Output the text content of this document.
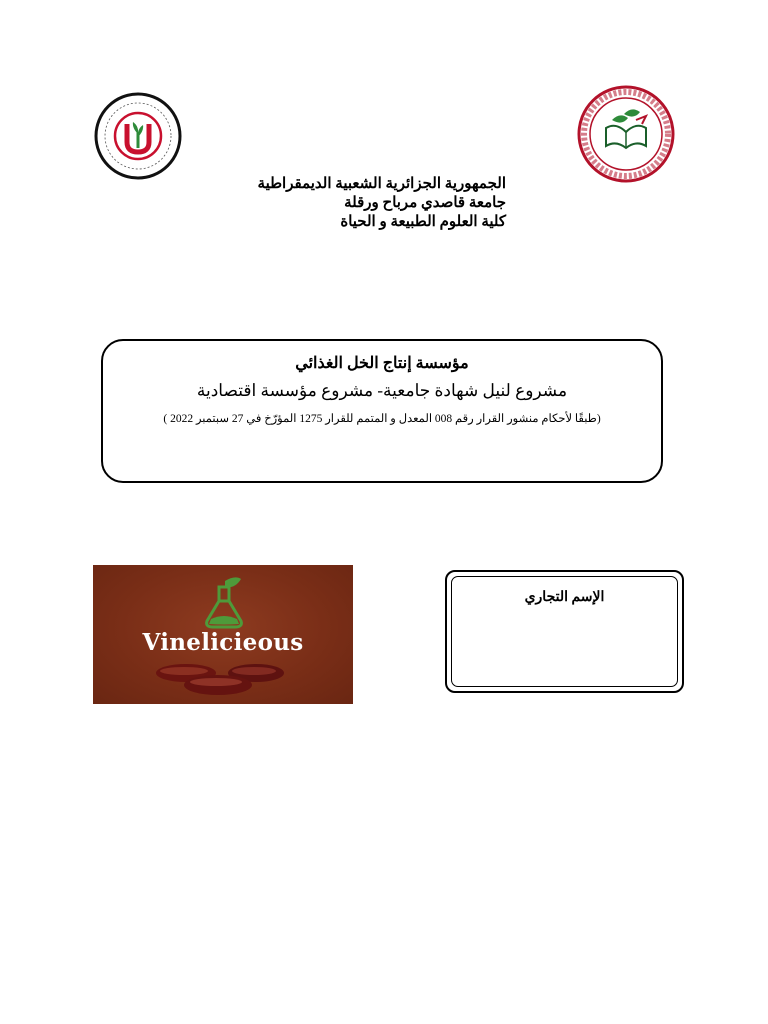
الجمهورية الجزائرية الشعبية الديمقراطية
جامعة قاصدي مرباح ورقلة
كلية العلوم الطبيعة و الحياة
مؤسسة إنتاج الخل الغذائي
مشروع لنيل شهادة جامعية- مشروع مؤسسة اقتصادية
(طبقًا لأحكام منشور القرار رقم 008 المعدل و المتمم للقرار 1275 المؤرّخ في 27 سبتمبر 2022 )
Vinelicieous
الإسم التجاري
